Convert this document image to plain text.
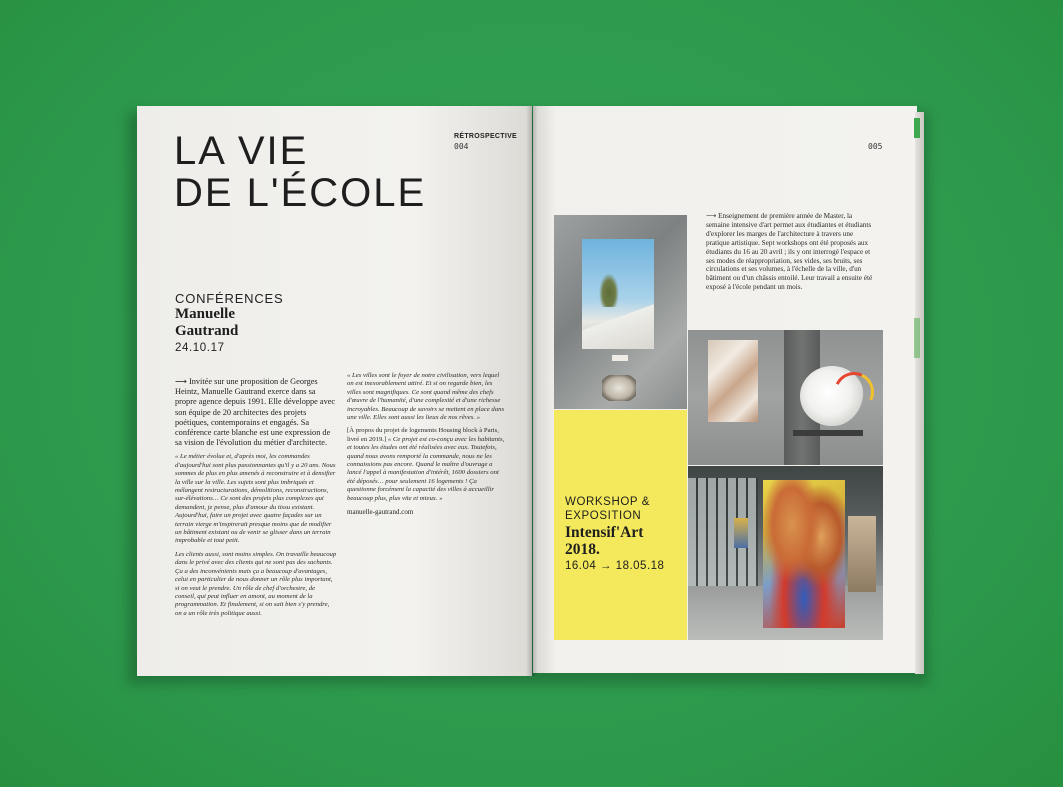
LA VIE
DE L'ÉCOLE
RÉTROSPECTIVE
004
CONFÉRENCES
Manuelle Gautrand
24.10.17

⟶ Invitée sur une proposition de Georges Heintz, Manuelle Gautrand exerce dans sa propre agence depuis 1991. Elle développe avec son équipe de 20 architectes des projets poétiques, contemporains et engagés. Sa conférence carte blanche est une expression de sa vision de l'évolution du métier d'architecte.

« Le métier évolue et, d'après moi, les commandes d'aujourd'hui sont plus passionnantes qu'il y a 20 ans. Nous sommes de plus en plus amenés à reconstruire et à densifier la ville sur la ville. Les sujets sont plus imbriqués et mélangent restructurations, démolitions, reconstructions, sur-élévations… Ce sont des projets plus complexes qui demandent, je pense, plus d'amour du tissu existant. Aujourd'hui, faire un projet avec quatre façades sur un terrain vierge m'inspirerait presque moins que de modifier un bâtiment existant ou de venir se glisser dans un terrain improbable et tout petit.

Les clients aussi, sont moins simples. On travaille beaucoup dans le privé avec des clients qui ne sont pas des sachants. Ça a des inconvénients mais ça a beaucoup d'avantages, celui en particulier de nous donner un rôle plus important, si on veut le prendre. Un rôle de chef d'orchestre, de conseil, qui peut influer en amont, au moment de la programmation. Et finalement, si on sait bien s'y prendre, on a un rôle très politique aussi.

« Les villes sont le foyer de notre civilisation, vers lequel on est inexorablement attiré. Et si on regarde bien, les villes sont magnifiques. Ce sont quand même des chefs d'œuvre de l'humanité, d'une complexité et d'une richesse incroyables. Beaucoup de savoirs se mettent en place dans une ville. Elles sont aussi les lieux de nos rêves. »

[À propos du projet de logements Housing block à Paris, livré en 2019.] « Ce projet est co-conçu avec les habitants, et toutes les études ont été réalisées avec eux. Toutefois, quand nous avons remporté la commande, nous ne les connaissions pas encore. Quand le maître d'ouvrage a lancé l'appel à manifestation d'intérêt, 1600 dossiers ont été déposés… pour seulement 16 logements ! Ça questionne forcément la capacité des villes à accueillir beaucoup plus, plus vite et mieux. »

manuelle-gautrand.com

005
⟶ Enseignement de première année de Master, la semaine intensive d'art permet aux étudiantes et étudiants d'explorer les marges de l'architecture à travers une pratique artistique. Sept workshops ont été proposés aux étudiants du 16 au 20 avril ; ils y ont interrogé l'espace et ses modes de réappropriation, ses vides, ses bruits, ses circulations et ses volumes, à l'échelle de la ville, d'un bâtiment ou d'un châssis entoilé. Leur travail a ensuite été exposé à l'école pendant un mois.
WORKSHOP & EXPOSITION
Intensif'Art
2018.
16.04 → 18.05.18
